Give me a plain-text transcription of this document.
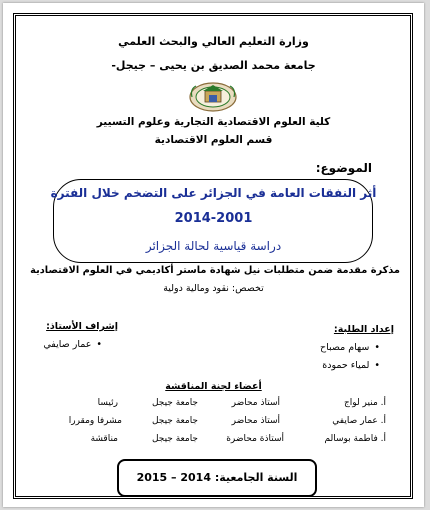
وزارة التعليم العالي والبحث العلمي
جامعة محمد الصديق بن يحيى – جيجل-
كلية العلوم الاقتصادية التجارية وعلوم التسيير
قسم العلوم الاقتصادية
الموضوع:
أثر النفقات العامة في الجزائر على التضخم خلال الفترة
2014-2001
دراسة قياسية لحالة الجزائر
مذكرة مقدمة ضمن متطلبات نيل شهادة ماستر أكاديمي في العلوم الاقتصادية
تخصص: نقود ومالية دولية
إعداد الطلبة:
• سهام مصباح
• لمياء حمودة
إشراف الأستاذ:
• عمار صايفي
أعضاء لجنة المناقشة
أ. منير لواج
أستاذ محاضر
جامعة جيجل
رئيسا
أ. عمار صايفي
أستاذ محاضر
جامعة جيجل
مشرفا ومقررا
أ. فاطمة بوسالم
أستاذة محاضرة
جامعة جيجل
مناقشة
السنة الجامعية: 2014 – 2015
